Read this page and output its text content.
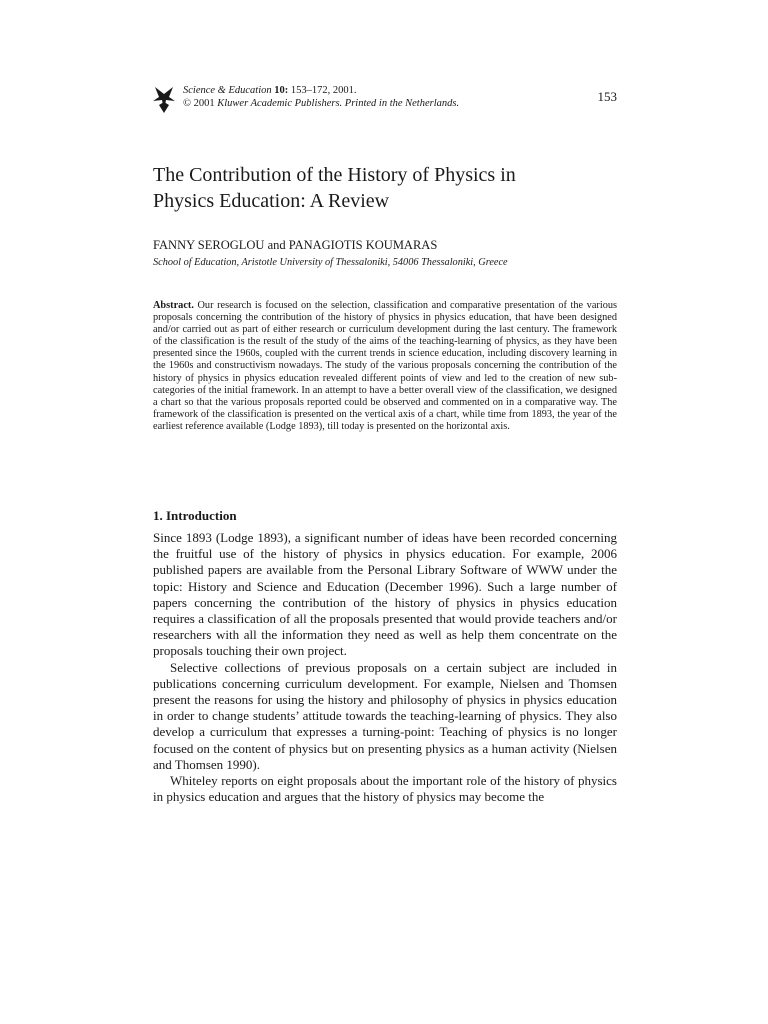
Science & Education 10: 153–172, 2001.
© 2001 Kluwer Academic Publishers. Printed in the Netherlands.	153
The Contribution of the History of Physics in
Physics Education: A Review
FANNY SEROGLOU and PANAGIOTIS KOUMARAS
School of Education, Aristotle University of Thessaloniki, 54006 Thessaloniki, Greece

Abstract. Our research is focused on the selection, classification and comparative presentation of the various proposals concerning the contribution of the history of physics in physics education, that have been designed and/or carried out as part of either research or curriculum development during the last century. The framework of the classification is the result of the study of the aims of the teaching-learning of physics, as they have been presented since the 1960s, coupled with the current trends in science education, including discovery learning in the 1960s and constructivism nowadays. The study of the various proposals concerning the contribution of the history of physics in physics education revealed different points of view and led to the creation of new sub-categories of the initial framework. In an attempt to have a better overall view of the classification, we designed a chart so that the various proposals reported could be observed and commented on in a comparative way. The framework of the classification is presented on the vertical axis of a chart, while time from 1893, the year of the earliest reference available (Lodge 1893), till today is presented on the horizontal axis.

1. Introduction

Since 1893 (Lodge 1893), a significant number of ideas have been recorded concerning the fruitful use of the history of physics in physics education. For example, 2006 published papers are available from the Personal Library Software of WWW under the topic: History and Science and Education (December 1996). Such a large number of papers concerning the contribution of the history of physics in physics education requires a classification of all the proposals presented that would provide teachers and/or researchers with all the information they need as well as help them concentrate on the proposals touching their own project.

Selective collections of previous proposals on a certain subject are included in publications concerning curriculum development. For example, Nielsen and Thomsen present the reasons for using the history and philosophy of physics in physics education in order to change students’ attitude towards the teaching-learning of physics. They also develop a curriculum that expresses a turning-point: Teaching of physics is no longer focused on the content of physics but on presenting physics as a human activity (Nielsen and Thomsen 1990).

Whiteley reports on eight proposals about the important role of the history of physics in physics education and argues that the history of physics may become the
